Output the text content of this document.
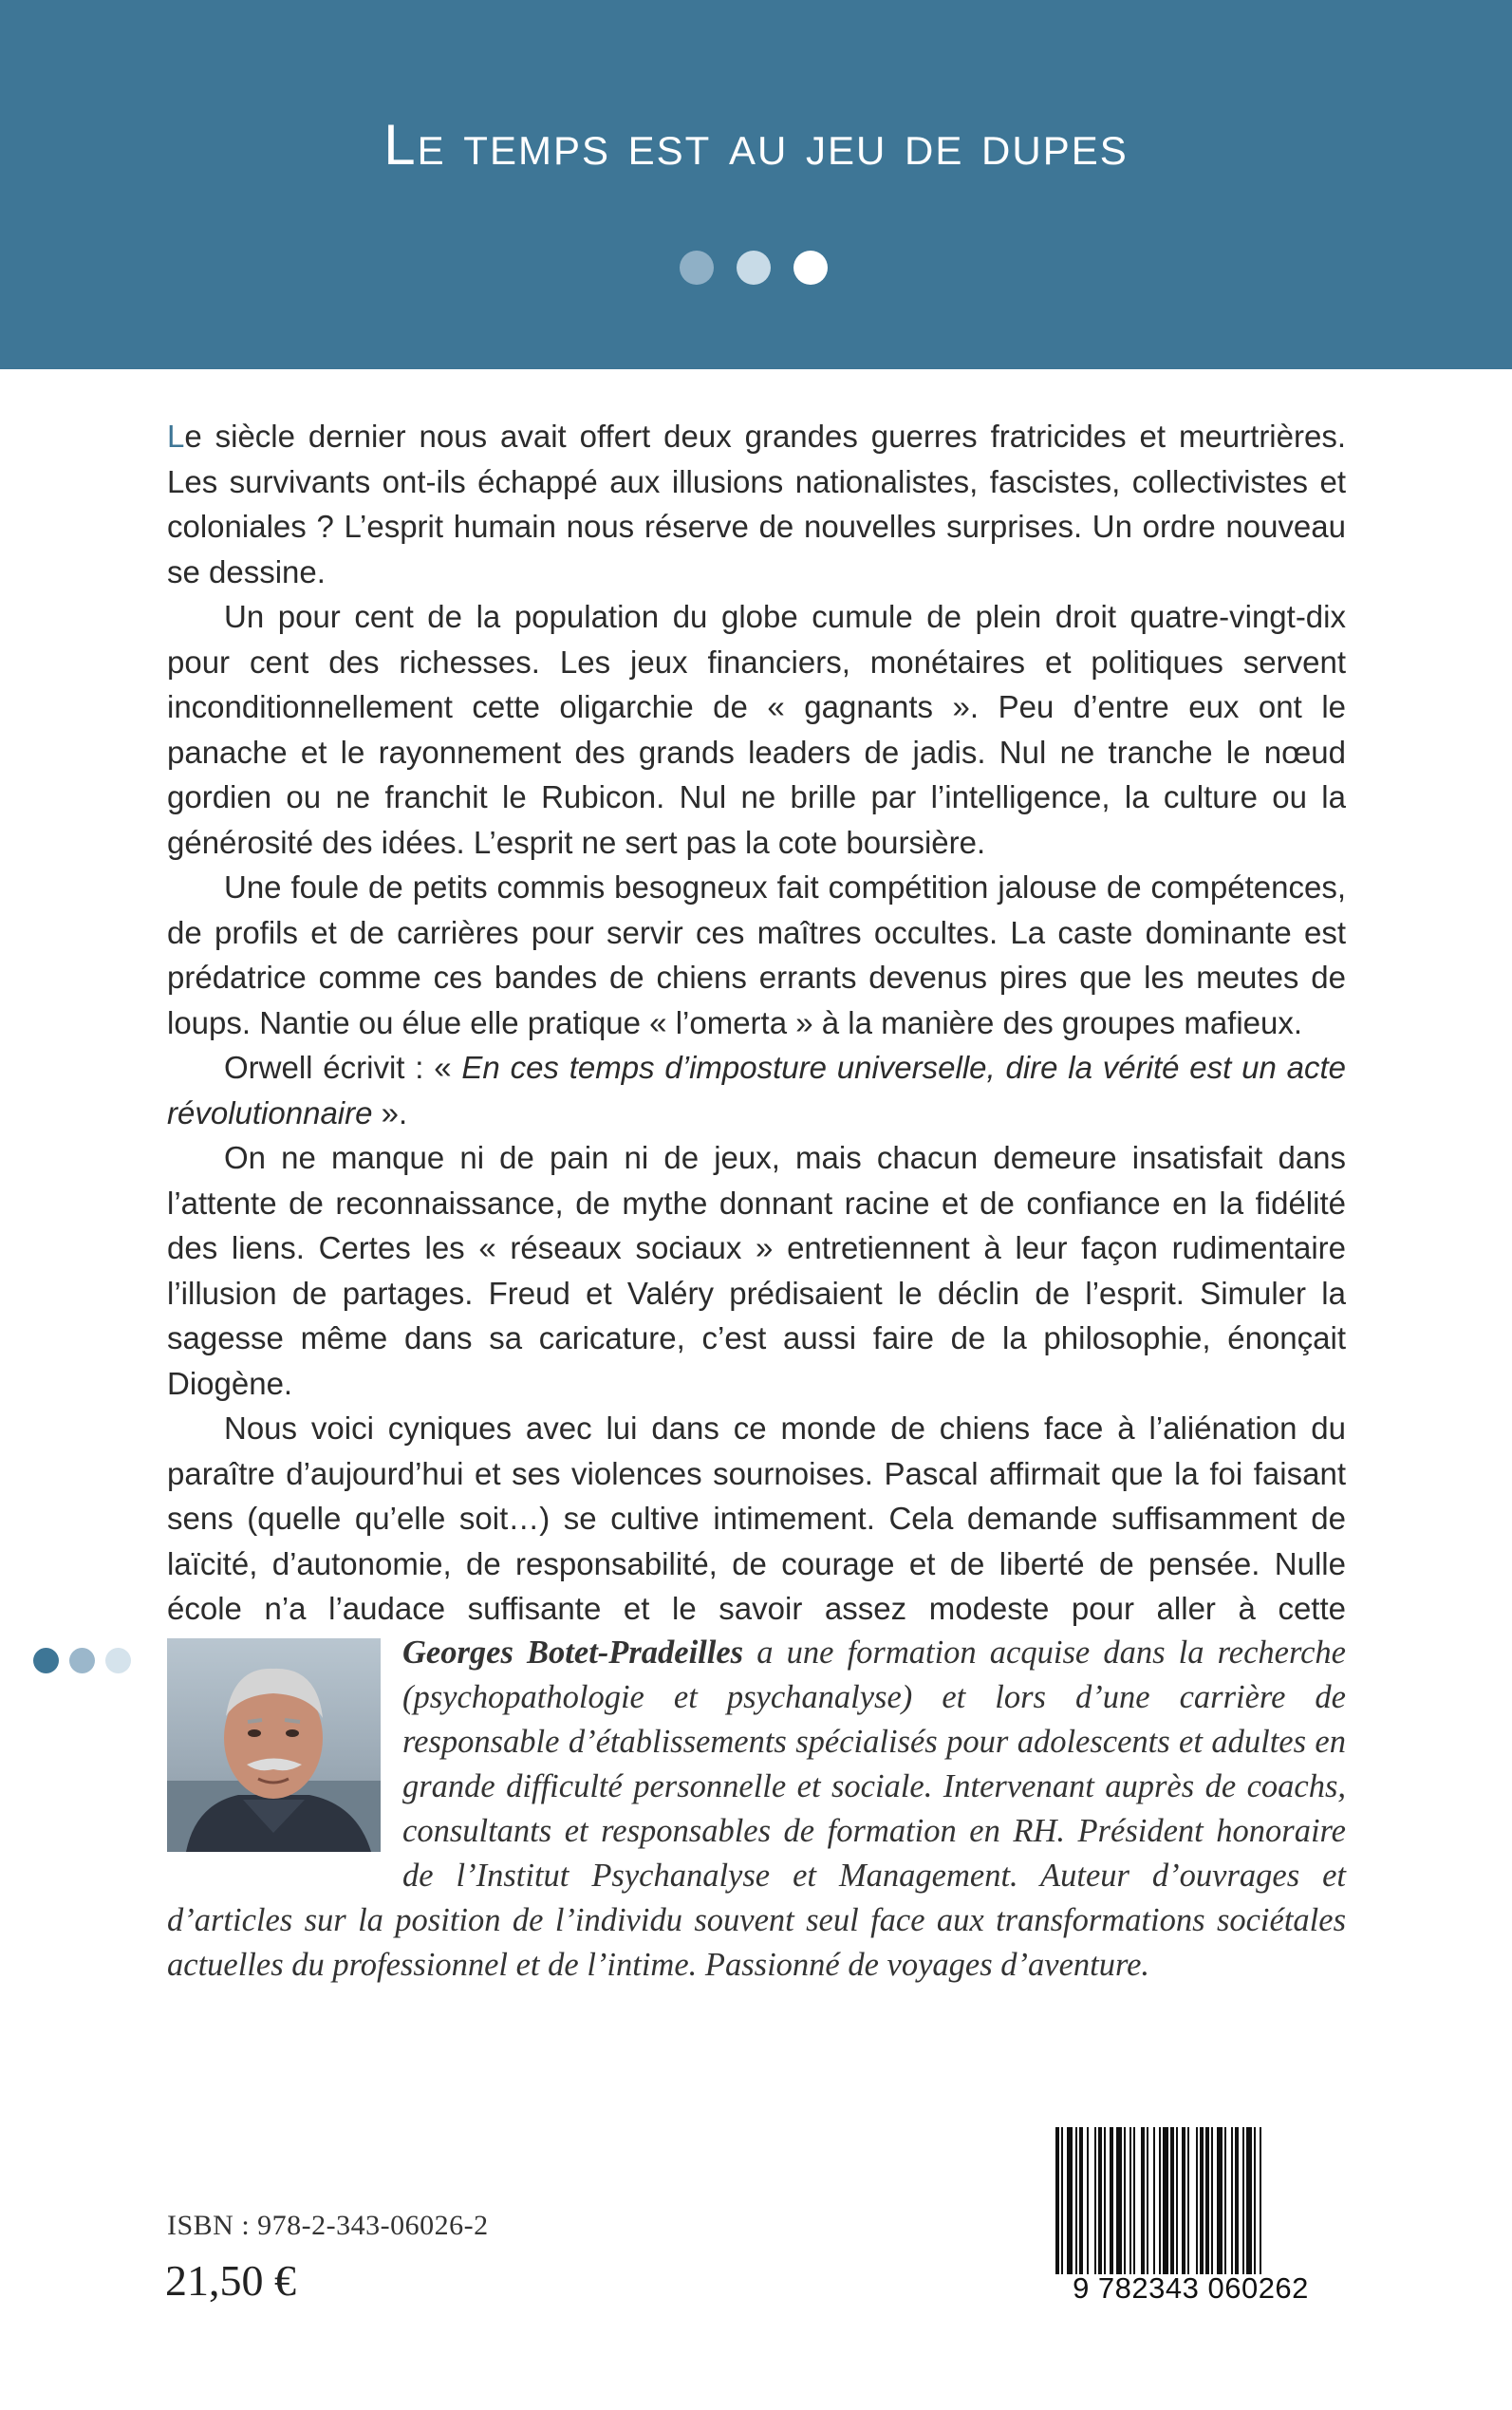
Le temps est au jeu de dupes

Le siècle dernier nous avait offert deux grandes guerres fratricides et meurtrières. Les survivants ont-ils échappé aux illusions nationalistes, fascistes, collectivistes et coloniales ? L’esprit humain nous réserve de nouvelles surprises. Un ordre nouveau se dessine.

Un pour cent de la population du globe cumule de plein droit quatre-vingt-dix pour cent des richesses. Les jeux financiers, monétaires et politiques servent inconditionnellement cette oligarchie de « gagnants ». Peu d’entre eux ont le panache et le rayonnement des grands leaders de jadis. Nul ne tranche le nœud gordien ou ne franchit le Rubicon. Nul ne brille par l’intelligence, la culture ou la générosité des idées. L’esprit ne sert pas la cote boursière.

Une foule de petits commis besogneux fait compétition jalouse de compétences, de profils et de carrières pour servir ces maîtres occultes. La caste dominante est prédatrice comme ces bandes de chiens errants devenus pires que les meutes de loups. Nantie ou élue elle pratique « l’omerta » à la manière des groupes mafieux.

Orwell écrivit : « En ces temps d’imposture universelle, dire la vérité est un acte révolutionnaire ».

On ne manque ni de pain ni de jeux, mais chacun demeure insatisfait dans l’attente de reconnaissance, de mythe donnant racine et de confiance en la fidélité des liens. Certes les « réseaux sociaux » entretiennent à leur façon rudimentaire l’illusion de partages. Freud et Valéry prédisaient le déclin de l’esprit. Simuler la sagesse même dans sa caricature, c’est aussi faire de la philosophie, énonçait Diogène.

Nous voici cyniques avec lui dans ce monde de chiens face à l’aliénation du paraître d’aujourd’hui et ses violences sournoises. Pascal affirmait que la foi faisant sens (quelle qu’elle soit…) se cultive intimement. Cela demande suffisamment de laïcité, d’autonomie, de responsabilité, de courage et de liberté de pensée. Nulle école n’a l’audace suffisante et le savoir assez modeste pour aller à cette

Georges Botet-Pradeilles a une formation acquise dans la recherche (psychopathologie et psychanalyse) et lors d’une carrière de responsable d’établissements spécialisés pour adolescents et adultes en grande difficulté personnelle et sociale. Intervenant auprès de coachs, consultants et responsables de formation en RH. Président honoraire de l’Institut Psychanalyse et Management. Auteur d’ouvrages et d’articles sur la position de l’individu souvent seul face aux transformations sociétales actuelles du professionnel et de l’intime. Passionné de voyages d’aventure.
ISBN : 978-2-343-06026-2
21,50 €	9 782343 060262
